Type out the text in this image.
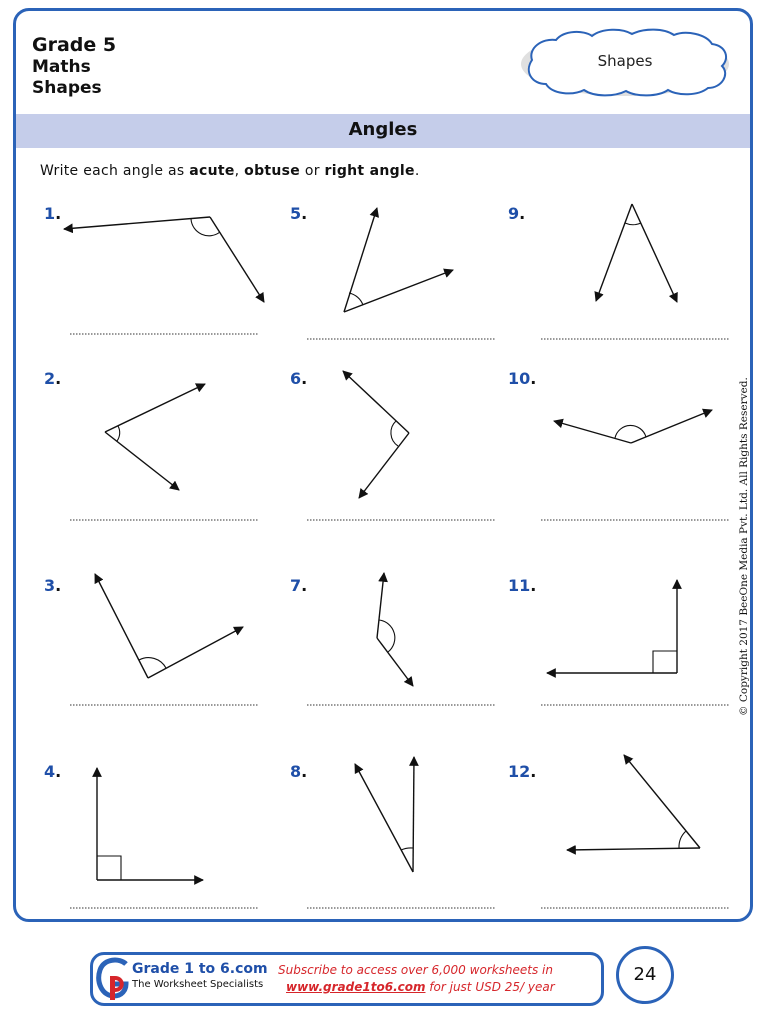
Grade 5
Maths
Shapes
Shapes
Angles
Write each angle as acute, obtuse or right angle.
1.
2.
3.
4.
5.
6.
7.
8.
9.
10.
11.
12.
© Copyright 2017 BeeOne Media Pvt. Ltd. All Rights Reserved.
Grade 1 to 6.com
The Worksheet Specialists
Subscribe to access over 6,000 worksheets in
www.grade1to6.com for just USD 25/ year
24
